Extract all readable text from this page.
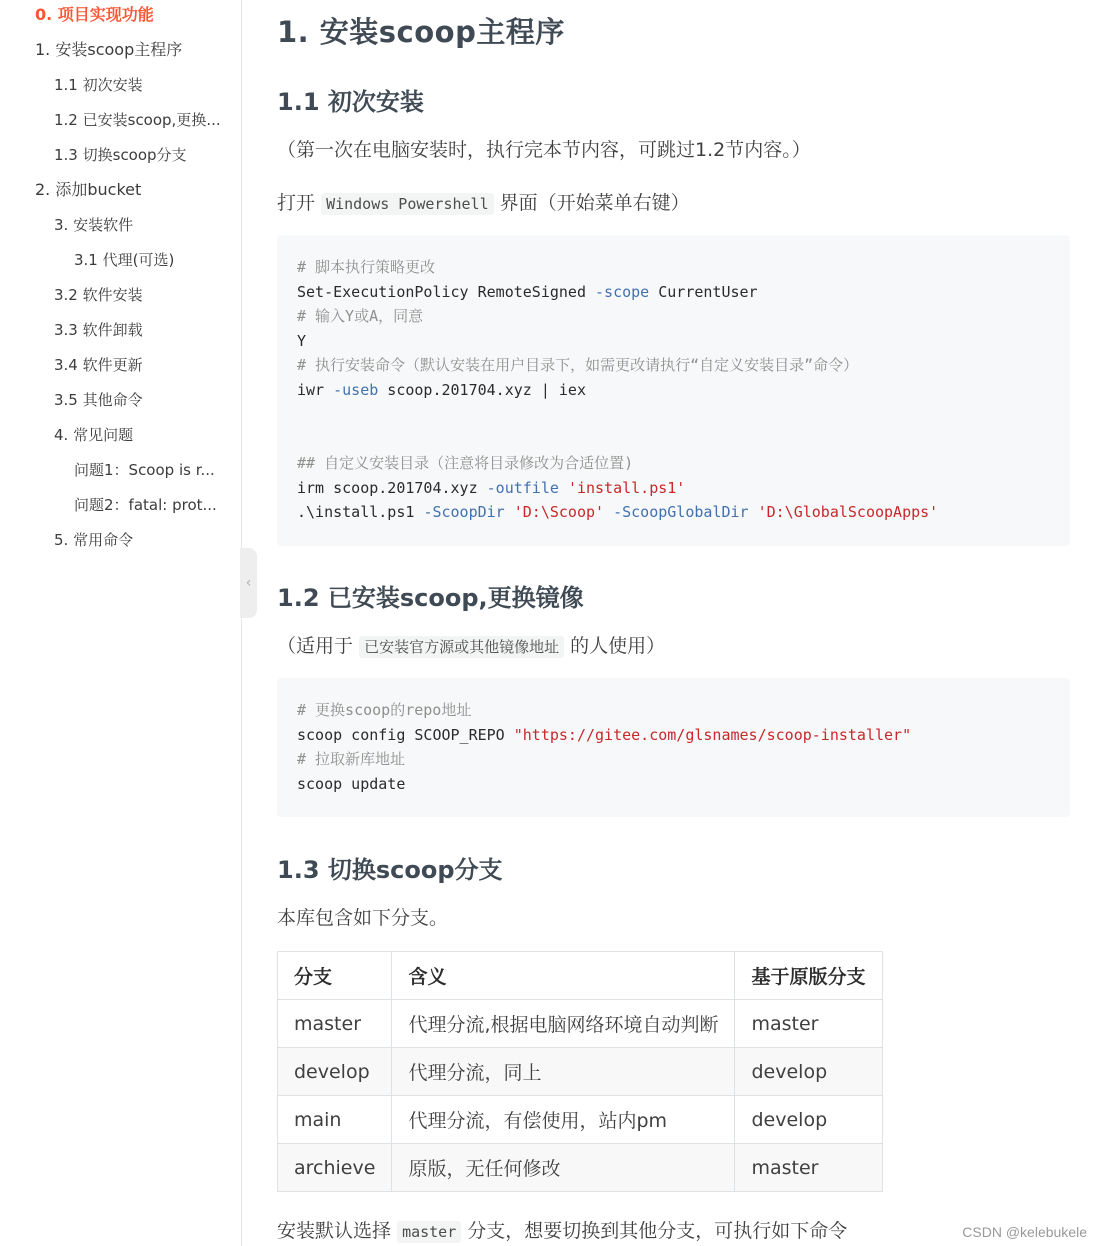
0. 项目实现功能
1. 安装scoop主程序
1.1 初次安装
1.2 已安装scoop,更换...
1.3 切换scoop分支
2. 添加bucket
3. 安装软件
3.1 代理(可选)
3.2 软件安装
3.3 软件卸载
3.4 软件更新
3.5 其他命令
4. 常见问题
问题1：Scoop is r...
问题2：fatal: prot...
5. 常用命令
‹
1. 安装scoop主程序
1.1 初次安装

（第一次在电脑安装时，执行完本节内容，可跳过1.2节内容。）

打开 Windows Powershell 界面（开始菜单右键）

# 脚本执行策略更改
Set-ExecutionPolicy RemoteSigned -scope CurrentUser
# 输入Y或A，同意
Y
# 执行安装命令（默认安装在用户目录下，如需更改请执行“自定义安装目录”命令）
iwr -useb scoop.201704.xyz | iex
## 自定义安装目录（注意将目录修改为合适位置)
irm scoop.201704.xyz -outfile 'install.ps1'
.\install.ps1 -ScoopDir 'D:\Scoop' -ScoopGlobalDir 'D:\GlobalScoopApps'
1.2 已安装scoop,更换镜像

（适用于 已安装官方源或其他镜像地址 的人使用）

# 更换scoop的repo地址
scoop config SCOOP_REPO "https://gitee.com/glsnames/scoop-installer"
# 拉取新库地址
scoop update
1.3 切换scoop分支

本库包含如下分支。

分支	含义	基于原版分支
master	代理分流,根据电脑网络环境自动判断	master
develop	代理分流，同上	develop
main	代理分流，有偿使用，站内pm	develop
archieve	原版，无任何修改	master

安装默认选择 master 分支，想要切换到其他分支，可执行如下命令	CSDN @kelebukele
